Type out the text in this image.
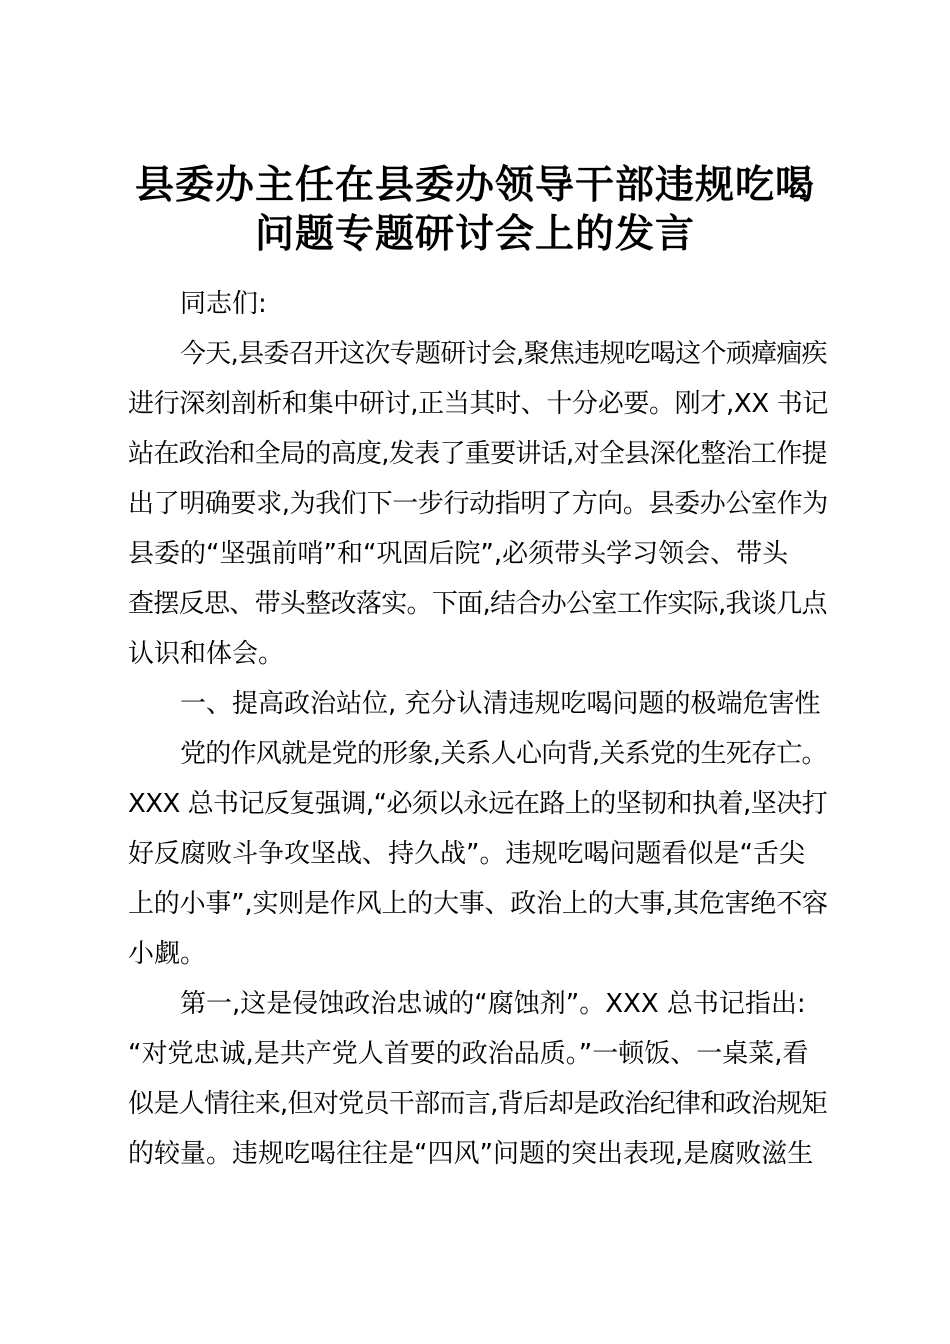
县委办主任在县委办领导干部违规吃喝
问题专题研讨会上的发言
同志们:
今天,县委召开这次专题研讨会,聚焦违规吃喝这个顽瘴痼疾
进行深刻剖析和集中研讨,正当其时、十分必要。刚才,XX 书记
站在政治和全局的高度,发表了重要讲话,对全县深化整治工作提
出了明确要求,为我们下一步行动指明了方向。县委办公室作为
县委的“坚强前哨”和“巩固后院”,必须带头学习领会、带头
查摆反思、带头整改落实。下面,结合办公室工作实际,我谈几点
认识和体会。
一、提高政治站位, 充分认清违规吃喝问题的极端危害性
党的作风就是党的形象,关系人心向背,关系党的生死存亡。
XXX 总书记反复强调,“必须以永远在路上的坚韧和执着,坚决打
好反腐败斗争攻坚战、持久战”。违规吃喝问题看似是“舌尖
上的小事”,实则是作风上的大事、政治上的大事,其危害绝不容
小觑。
第一,这是侵蚀政治忠诚的“腐蚀剂”。XXX 总书记指出:
“对党忠诚,是共产党人首要的政治品质。”一顿饭、一桌菜,看
似是人情往来,但对党员干部而言,背后却是政治纪律和政治规矩
的较量。违规吃喝往往是“四风”问题的突出表现,是腐败滋生
